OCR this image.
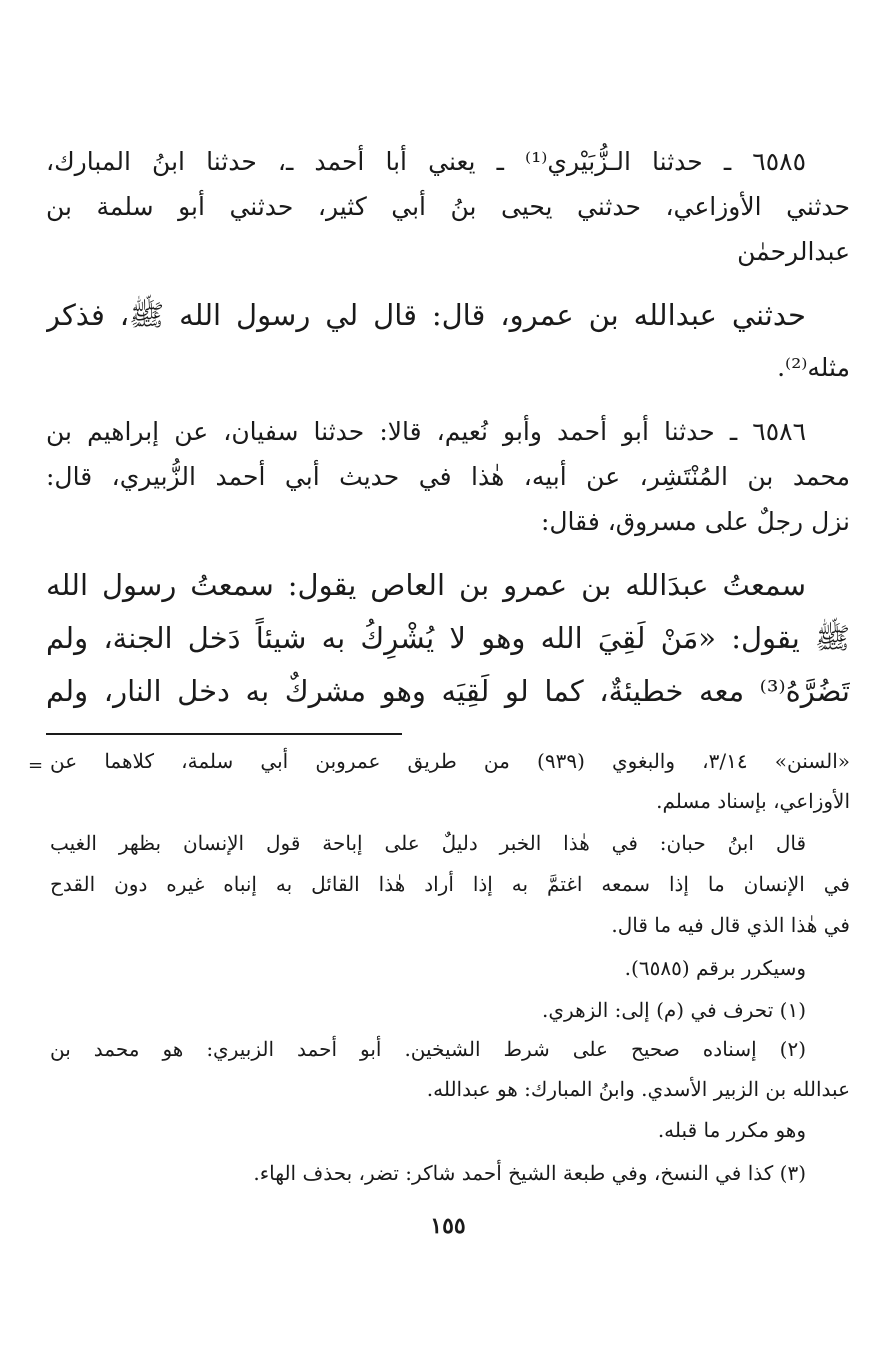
٦٥٨٥ ـ حدثنا الـزُّبَيْري⁽¹⁾ ـ يعني أبا أحمد ـ، حدثنا ابنُ المبارك،
حدثني الأوزاعي، حدثني يحيى بنُ أبي كثير، حدثني أبو سلمة بن
عبدالرحمٰن
حدثني عبدالله بن عمرو، قال: قال لي رسول الله ﷺ، فذكر
مثله⁽²⁾.
٦٥٨٦ ـ حدثنا أبو أحمد وأبو نُعيم، قالا: حدثنا سفيان، عن إبراهيم بن
محمد بن المُنْتَشِر، عن أبيه، هٰذا في حديث أبي أحمد الزُّبيري، قال:
نزل رجلٌ على مسروق، فقال:
سمعتُ عبدَالله بن عمرو بن العاص يقول: سمعتُ رسول الله
ﷺ يقول: «مَنْ لَقِيَ الله وهو لا يُشْرِكُ به شيئاً دَخل الجنة، ولم
تَضُرَّهُ⁽³⁾ معه خطيئةٌ، كما لو لَقِيَه وهو مشركٌ به دخل النار، ولم
= «السنن» ٣/١٤، والبغوي (٩٣٩) من طريق عمروبن أبي سلمة، كلاهما عن
الأوزاعي، بإسناد مسلم.
قال ابنُ حبان: في هٰذا الخبر دليلٌ على إباحة قول الإنسان بظهر الغيب
في الإنسان ما إذا سمعه اغتمَّ به إذا أراد هٰذا القائل به إنباه غيره دون القدح
في هٰذا الذي قال فيه ما قال.
وسيكرر برقم (٦٥٨٥).
(١) تحرف في (م) إلى: الزهري.
(٢) إسناده صحيح على شرط الشيخين. أبو أحمد الزبيري: هو محمد بن
عبدالله بن الزبير الأسدي. وابنُ المبارك: هو عبدالله.
وهو مكرر ما قبله.
(٣) كذا في النسخ، وفي طبعة الشيخ أحمد شاكر: تضر، بحذف الهاء.
١٥٥
